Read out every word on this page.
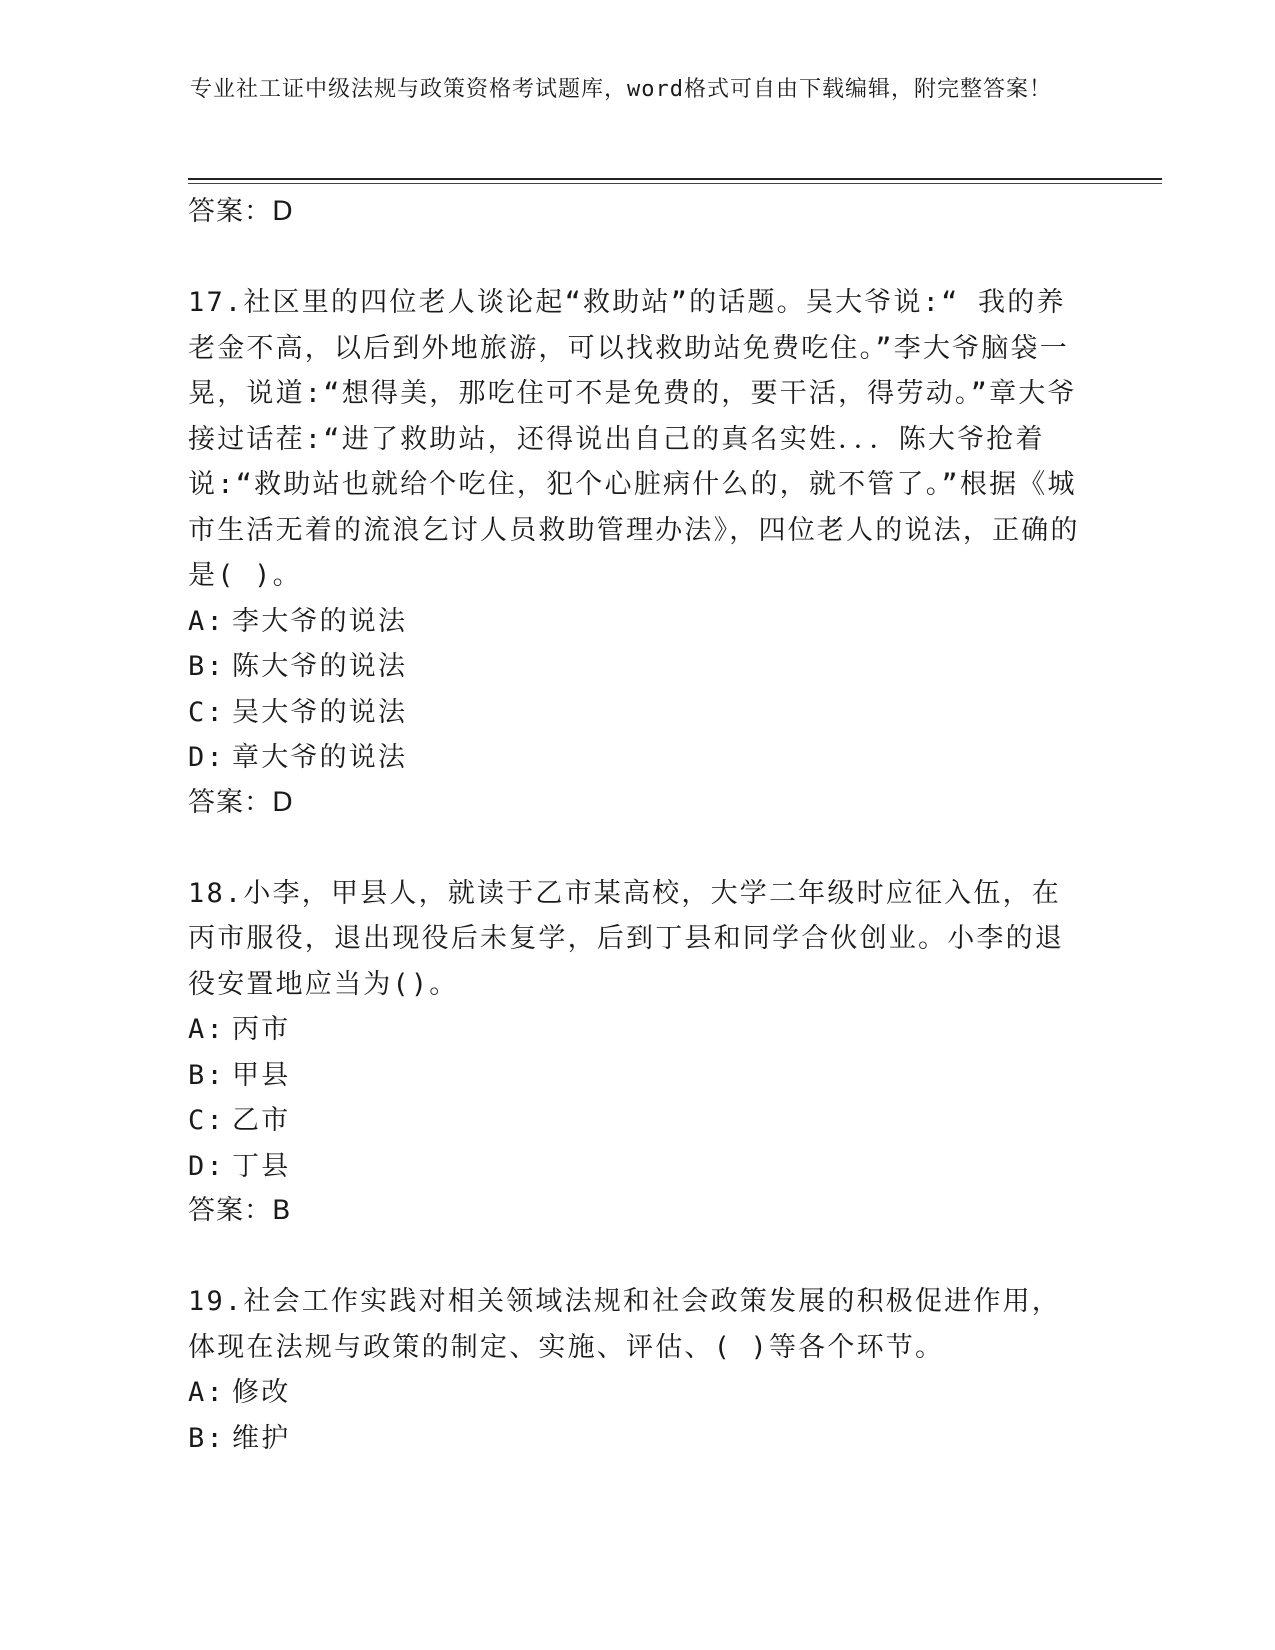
专业社工证中级法规与政策资格考试题库，word格式可自由下载编辑，附完整答案！
答案：D
17.社区里的四位老人谈论起“救助站”的话题。吴大爷说:“ 我的养老金不高，以后到外地旅游，可以找救助站免费吃住。”李大爷脑袋一晃，说道:“想得美，那吃住可不是免费的，要干活，得劳动。”章大爷接过话茬:“进了救助站，还得说出自己的真名实姓．．．陈大爷抢着说:“救助站也就给个吃住，犯个心脏病什么的，就不管了。”根据《城市生活无着的流浪乞讨人员救助管理办法》，四位老人的说法，正确的是( )。
A: 李大爷的说法
B: 陈大爷的说法
C: 吴大爷的说法
D: 章大爷的说法
答案：D
18.小李，甲县人，就读于乙市某高校，大学二年级时应征入伍，在丙市服役，退出现役后未复学，后到丁县和同学合伙创业。小李的退役安置地应当为()。
A: 丙市
B: 甲县
C: 乙市
D: 丁县
答案：B
19.社会工作实践对相关领域法规和社会政策发展的积极促进作用，体现在法规与政策的制定、实施、评估、( )等各个环节。
A: 修改
B: 维护
